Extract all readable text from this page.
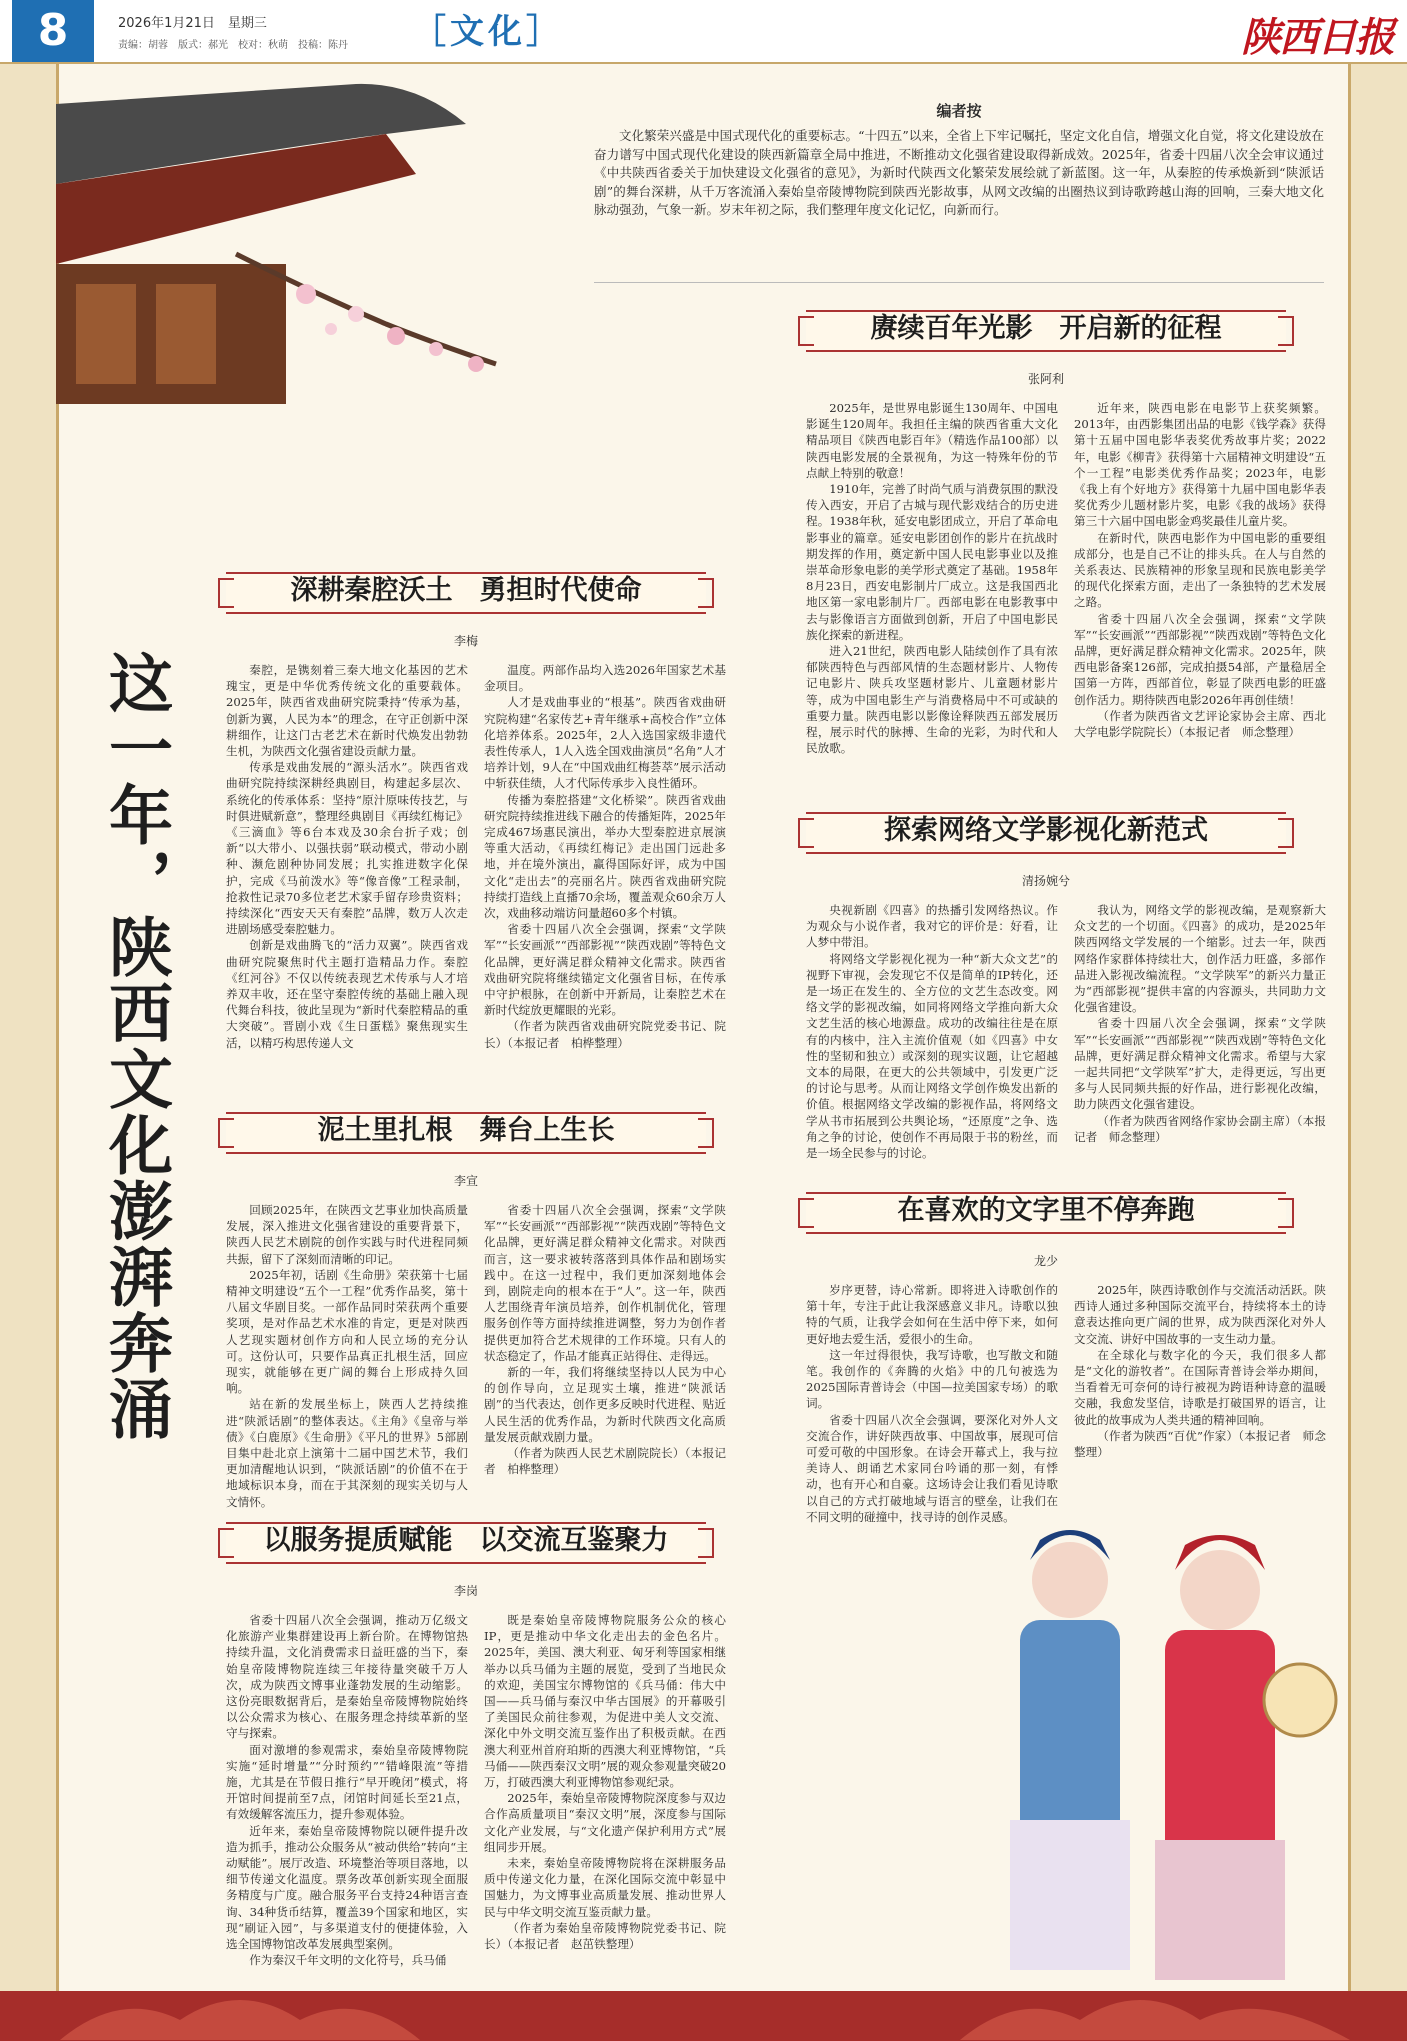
8	2026年1月21日　星期三
责编：胡蓉　版式：郝光　校对：秋萌　投稿：陈丹 ［文化］	陕西日报
这一年，陕西文化澎湃奔涌
编者按

文化繁荣兴盛是中国式现代化的重要标志。“十四五”以来，全省上下牢记嘱托，坚定文化自信，增强文化自觉，将文化建设放在奋力谱写中国式现代化建设的陕西新篇章全局中推进，不断推动文化强省建设取得新成效。2025年，省委十四届八次全会审议通过《中共陕西省委关于加快建设文化强省的意见》，为新时代陕西文化繁荣发展绘就了新蓝图。这一年，从秦腔的传承焕新到“陕派话剧”的舞台深耕，从千万客流涌入秦始皇帝陵博物院到陕西光影故事，从网文改编的出圈热议到诗歌跨越山海的回响，三秦大地文化脉动强劲，气象一新。岁末年初之际，我们整理年度文化记忆，向新而行。

赓续百年光影　开启新的征程
张阿利

2025年，是世界电影诞生130周年、中国电影诞生120周年。我担任主编的陕西省重大文化精品项目《陕西电影百年》（精选作品100部）以陕西电影发展的全景视角，为这一特殊年份的节点献上特别的敬意！

1910年，完善了时尚气质与消费氛围的默没传入西安，开启了古城与现代影戏结合的历史进程。1938年秋，延安电影团成立，开启了革命电影事业的篇章。延安电影团创作的影片在抗战时期发挥的作用，奠定新中国人民电影事业以及推崇革命形象电影的美学形式奠定了基础。1958年8月23日，西安电影制片厂成立。这是我国西北地区第一家电影制片厂。西部电影在电影教事中去与影像语言方面做到创新，开启了中国电影民族化探索的新进程。

进入21世纪，陕西电影人陆续创作了具有浓郁陕西特色与西部风情的生态题材影片、人物传记电影片、陕兵攻坚题材影片、儿童题材影片等，成为中国电影生产与消费格局中不可或缺的重要力量。陕西电影以影像诠释陕西五部发展历程，展示时代的脉搏、生命的光彩，为时代和人民放歌。

近年来，陕西电影在电影节上获奖频繁。2013年，由西影集团出品的电影《钱学森》获得第十五届中国电影华表奖优秀故事片奖；2022年，电影《柳青》获得第十六届精神文明建设“五个一工程”电影类优秀作品奖；2023年，电影《我上有个好地方》获得第十九届中国电影华表奖优秀少儿题材影片奖，电影《我的战场》获得第三十六届中国电影金鸡奖最佳儿童片奖。

在新时代，陕西电影作为中国电影的重要组成部分，也是自己不让的排头兵。在人与自然的关系表达、民族精神的形象呈现和民族电影美学的现代化探索方面，走出了一条独特的艺术发展之路。

省委十四届八次全会强调，探索“文学陕军”“长安画派”“西部影视”“陕西戏剧”等特色文化品牌，更好满足群众精神文化需求。2025年，陕西电影备案126部，完成拍摄54部，产量稳居全国第一方阵，西部首位，彰显了陕西电影的旺盛创作活力。期待陕西电影2026年再创佳绩！

（作者为陕西省文艺评论家协会主席、西北大学电影学院院长）（本报记者　师念整理）

探索网络文学影视化新范式
清扬婉兮

央视新剧《四喜》的热播引发网络热议。作为观众与小说作者，我对它的评价是：好看，让人梦中带泪。

将网络文学影视化视为一种“新大众文艺”的视野下审视，会发现它不仅是简单的IP转化，还是一场正在发生的、全方位的文艺生态改变。网络文学的影视改编，如同将网络文学推向新大众文艺生活的核心地源盘。成功的改编往往是在原有的内核中，注入主流价值观（如《四喜》中女性的坚韧和独立）或深刻的现实议题，让它超越文本的局限，在更大的公共领域中，引发更广泛的讨论与思考。从而让网络文学创作焕发出新的价值。根据网络文学改编的影视作品，将网络文学从书市拓展到公共舆论场，“还原度”之争、选角之争的讨论，使创作不再局限于书的粉丝，而是一场全民参与的讨论。

我认为，网络文学的影视改编，是观察新大众文艺的一个切面。《四喜》的成功，是2025年陕西网络文学发展的一个缩影。过去一年，陕西网络作家群体持续壮大，创作活力旺盛，多部作品进入影视改编流程。“文学陕军”的新兴力量正为“西部影视”提供丰富的内容源头，共同助力文化强省建设。

省委十四届八次全会强调，探索“文学陕军”“长安画派”“西部影视”“陕西戏剧”等特色文化品牌，更好满足群众精神文化需求。希望与大家一起共同把“文学陕军”扩大，走得更远，写出更多与人民同频共振的好作品，进行影视化改编，助力陕西文化强省建设。

（作者为陕西省网络作家协会副主席）（本报记者　师念整理）

在喜欢的文字里不停奔跑
龙少

岁序更替，诗心常新。即将进入诗歌创作的第十年，专注于此让我深感意义非凡。诗歌以独特的气质，让我学会如何在生活中停下来，如何更好地去爱生活，爱很小的生命。

这一年过得很快，我写诗歌，也写散文和随笔。我创作的《奔腾的火焰》中的几句被选为2025国际青普诗会（中国—拉美国家专场）的歌词。

省委十四届八次全会强调，要深化对外人文交流合作，讲好陕西故事、中国故事，展现可信可爱可敬的中国形象。在诗会开幕式上，我与拉美诗人、朗诵艺术家同台吟诵的那一刻，有悸动，也有开心和自豪。这场诗会让我们看见诗歌以自己的方式打破地域与语言的壁垒，让我们在不同文明的碰撞中，找寻诗的创作灵感。

2025年，陕西诗歌创作与交流活动活跃。陕西诗人通过多种国际交流平台，持续将本土的诗意表达推向更广阔的世界，成为陕西深化对外人文交流、讲好中国故事的一支生动力量。

在全球化与数字化的今天，我们很多人都是“文化的游牧者”。在国际青普诗会举办期间，当看着无可奈何的诗行被视为跨语种诗意的温暖交融，我愈发坚信，诗歌是打破国界的语言，让彼此的故事成为人类共通的精神回响。

（作者为陕西“百优”作家）（本报记者　师念整理）

深耕秦腔沃土　勇担时代使命
李梅

秦腔，是镌刻着三秦大地文化基因的艺术瑰宝，更是中华优秀传统文化的重要载体。2025年，陕西省戏曲研究院秉持“传承为基，创新为翼，人民为本”的理念，在守正创新中深耕细作，让这门古老艺术在新时代焕发出勃勃生机，为陕西文化强省建设贡献力量。

传承是戏曲发展的“源头活水”。陕西省戏曲研究院持续深耕经典剧目，构建起多层次、系统化的传承体系：坚持“原汁原味传技艺，与时俱进赋新意”，整理经典剧目《再续红梅记》《三滴血》等6台本戏及30余台折子戏；创新“以大带小、以强扶弱”联动模式，带动小剧种、濒危剧种协同发展；扎实推进数字化保护，完成《马前泼水》等“像音像”工程录制，抢救性记录70多位老艺术家手留存珍贵资料；持续深化“西安天天有秦腔”品牌，数万人次走进剧场感受秦腔魅力。

创新是戏曲腾飞的“活力双翼”。陕西省戏曲研究院聚焦时代主题打造精品力作。秦腔《红河谷》不仅以传统表现艺术传承与人才培养双丰收，还在坚守秦腔传统的基础上融入现代舞台科技，彼此呈现为“新时代秦腔精品的重大突破”。晋剧小戏《生日蛋糕》聚焦现实生活，以精巧构思传递人文

温度。两部作品均入选2026年国家艺术基金项目。

人才是戏曲事业的“根基”。陕西省戏曲研究院构建“名家传艺+青年继承+高校合作”立体化培养体系。2025年，2人入选国家级非遗代表性传承人，1人入选全国戏曲演员“名角”人才培养计划，9人在“中国戏曲红梅荟萃”展示活动中斩获佳绩，人才代际传承步入良性循环。

传播为秦腔搭建“文化桥梁”。陕西省戏曲研究院持续推进线下融合的传播矩阵，2025年完成467场惠民演出，举办大型秦腔进京展演等重大活动，《再续红梅记》走出国门远赴多地，并在境外演出，赢得国际好评，成为中国文化“走出去”的亮丽名片。陕西省戏曲研究院持续打造线上直播70余场，覆盖观众60余万人次，戏曲移动端访问量超60多个村镇。

省委十四届八次全会强调，探索“文学陕军”“长安画派”“西部影视”“陕西戏剧”等特色文化品牌，更好满足群众精神文化需求。陕西省戏曲研究院将继续锚定文化强省目标，在传承中守护根脉，在创新中开新局，让秦腔艺术在新时代绽放更耀眼的光彩。

（作者为陕西省戏曲研究院党委书记、院长）（本报记者　柏桦整理）

泥土里扎根　舞台上生长
李宣

回顾2025年，在陕西文艺事业加快高质量发展，深入推进文化强省建设的重要背景下，陕西人民艺术剧院的创作实践与时代进程同频共振，留下了深刻而清晰的印记。

2025年初，话剧《生命册》荣获第十七届精神文明建设“五个一工程”优秀作品奖，第十八届文华剧目奖。一部作品同时荣获两个重要奖项，是对作品艺术水准的肯定，更是对陕西人艺现实题材创作方向和人民立场的充分认可。这份认可，只要作品真正扎根生活，回应现实，就能够在更广阔的舞台上形成持久回响。

站在新的发展坐标上，陕西人艺持续推进“陕派话剧”的整体表达。《主角》《皇帝与举债》《白鹿原》《生命册》《平凡的世界》5部剧目集中赴北京上演第十二届中国艺术节，我们更加清醒地认识到，“陕派话剧”的价值不在于地域标识本身，而在于其深刻的现实关切与人文情怀。

省委十四届八次全会强调，探索“文学陕军”“长安画派”“西部影视”“陕西戏剧”等特色文化品牌，更好满足群众精神文化需求。对陕西而言，这一要求被转落落到具体作品和剧场实践中。在这一过程中，我们更加深刻地体会到，剧院走向的根本在于“人”。这一年，陕西人艺围绕青年演员培养，创作机制优化，管理服务创作等方面持续推进调整，努力为创作者提供更加符合艺术规律的工作环境。只有人的状态稳定了，作品才能真正站得住、走得远。

新的一年，我们将继续坚持以人民为中心的创作导向，立足现实土壤，推进“陕派话剧”的当代表达，创作更多反映时代进程、贴近人民生活的优秀作品，为新时代陕西文化高质量发展贡献戏剧力量。

（作者为陕西人民艺术剧院院长）（本报记者　柏桦整理）

以服务提质赋能　以交流互鉴聚力
李岗

省委十四届八次全会强调，推动万亿级文化旅游产业集群建设再上新台阶。在博物馆热持续升温，文化消费需求日益旺盛的当下，秦始皇帝陵博物院连续三年接待量突破千万人次，成为陕西文博事业蓬勃发展的生动缩影。这份亮眼数据背后，是秦始皇帝陵博物院始终以公众需求为核心、在服务理念持续革新的坚守与探索。

面对激增的参观需求，秦始皇帝陵博物院实施“延时增量”“分时预约”“错峰限流”等措施，尤其是在节假日推行“早开晚闭”模式，将开馆时间提前至7点，闭馆时间延长至21点，有效缓解客流压力，提升参观体验。

近年来，秦始皇帝陵博物院以硬件提升改造为抓手，推动公众服务从“被动供给”转向“主动赋能”。展厅改造、环境整治等项目落地，以细节传递文化温度。票务改革创新实现全面服务精度与广度。融合服务平台支持24种语言查询、34种货币结算，覆盖39个国家和地区，实现“刷证入园”，与多渠道支付的便捷体验，入选全国博物馆改革发展典型案例。

作为秦汉千年文明的文化符号，兵马俑

既是秦始皇帝陵博物院服务公众的核心IP，更是推动中华文化走出去的金色名片。2025年，美国、澳大利亚、匈牙利等国家相继举办以兵马俑为主题的展览，受到了当地民众的欢迎，美国宝尔博物馆的《兵马俑：伟大中国——兵马俑与秦汉中华古国展》的开幕吸引了美国民众前往参观，为促进中美人文交流、深化中外文明交流互鉴作出了积极贡献。在西澳大利亚州首府珀斯的西澳大利亚博物馆，“兵马俑——陕西秦汉文明”展的观众参观量突破20万，打破西澳大利亚博物馆参观纪录。

2025年，秦始皇帝陵博物院深度参与双边合作高质量项目“秦汉文明”展，深度参与国际文化产业发展，与“文化遗产保护利用方式”展组同步开展。

未来，秦始皇帝陵博物院将在深耕服务品质中传递文化力量，在深化国际交流中彰显中国魅力，为文博事业高质量发展、推动世界人民与中华文明交流互鉴贡献力量。

（作者为秦始皇帝陵博物院党委书记、院长）（本报记者　赵茁铁整理）
